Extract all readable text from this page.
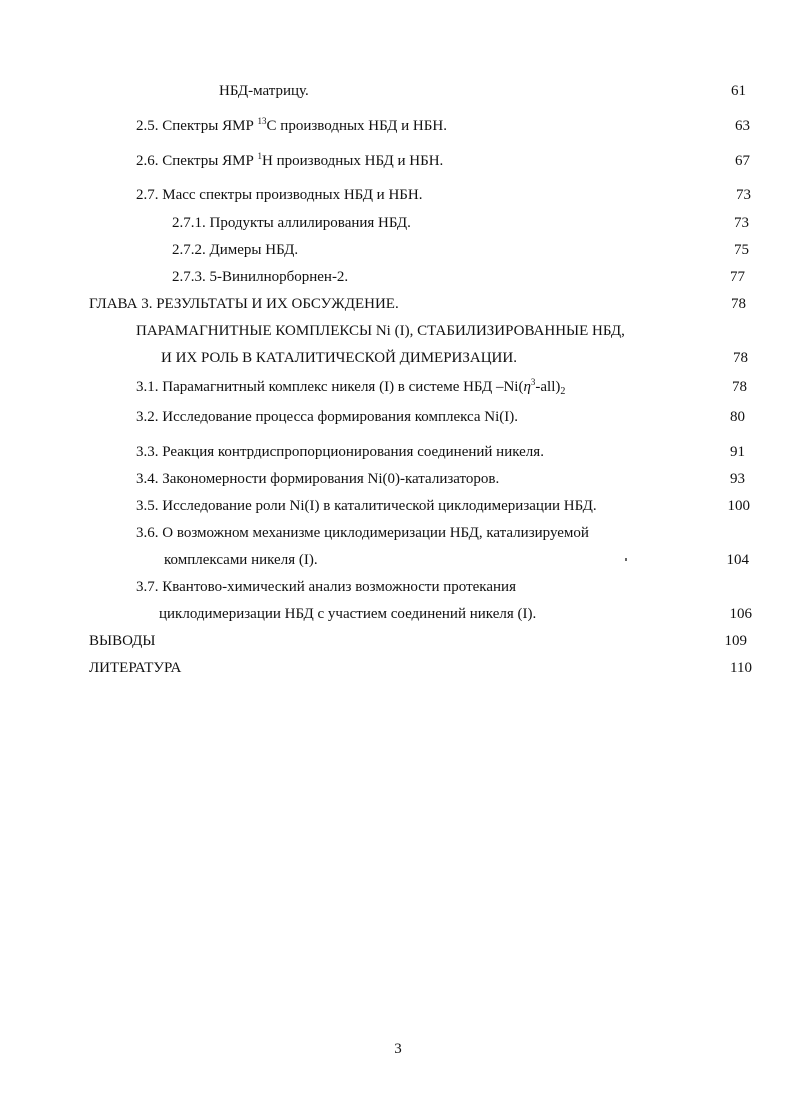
НБД-матрицу.	61
2.5. Спектры ЯМР $^{13}$С производных НБД и НБН.	63
2.6. Спектры ЯМР $^1$Н производных НБД и НБН.	67
2.7. Масс спектры производных НБД и НБН.	73
2.7.1. Продукты аллилирования НБД.	73
2.7.2. Димеры НБД.	75
2.7.3. 5-Винилнорборнен-2.	77
ГЛАВА 3. РЕЗУЛЬТАТЫ И ИХ ОБСУЖДЕНИЕ.	78
ПАРАМАГНИТНЫЕ КОМПЛЕКСЫ Ni (I), СТАБИЛИЗИРОВАННЫЕ НБД,
И ИХ РОЛЬ В КАТАЛИТИЧЕСКОЙ ДИМЕРИЗАЦИИ.	78
3.1. Парамагнитный комплекс никеля (I) в системе НБД $-Ni(\eta^3-all)_2$	78
3.2. Исследование процесса формирования комплекса Ni(I).	80
3.3. Реакция контрдиспропорционирования соединений никеля.	91
3.4. Закономерности формирования Ni(0)-катализаторов.	93
3.5. Исследование роли Ni(I) в каталитической циклодимеризации НБД.	100
3.6. О возможном механизме циклодимеризации НБД, катализируемой
комплексами никеля (I).	104
3.7. Квантово-химический анализ возможности протекания
циклодимеризации НБД с участием соединений никеля (I).	106
ВЫВОДЫ	109
ЛИТЕРАТУРА	110
3
